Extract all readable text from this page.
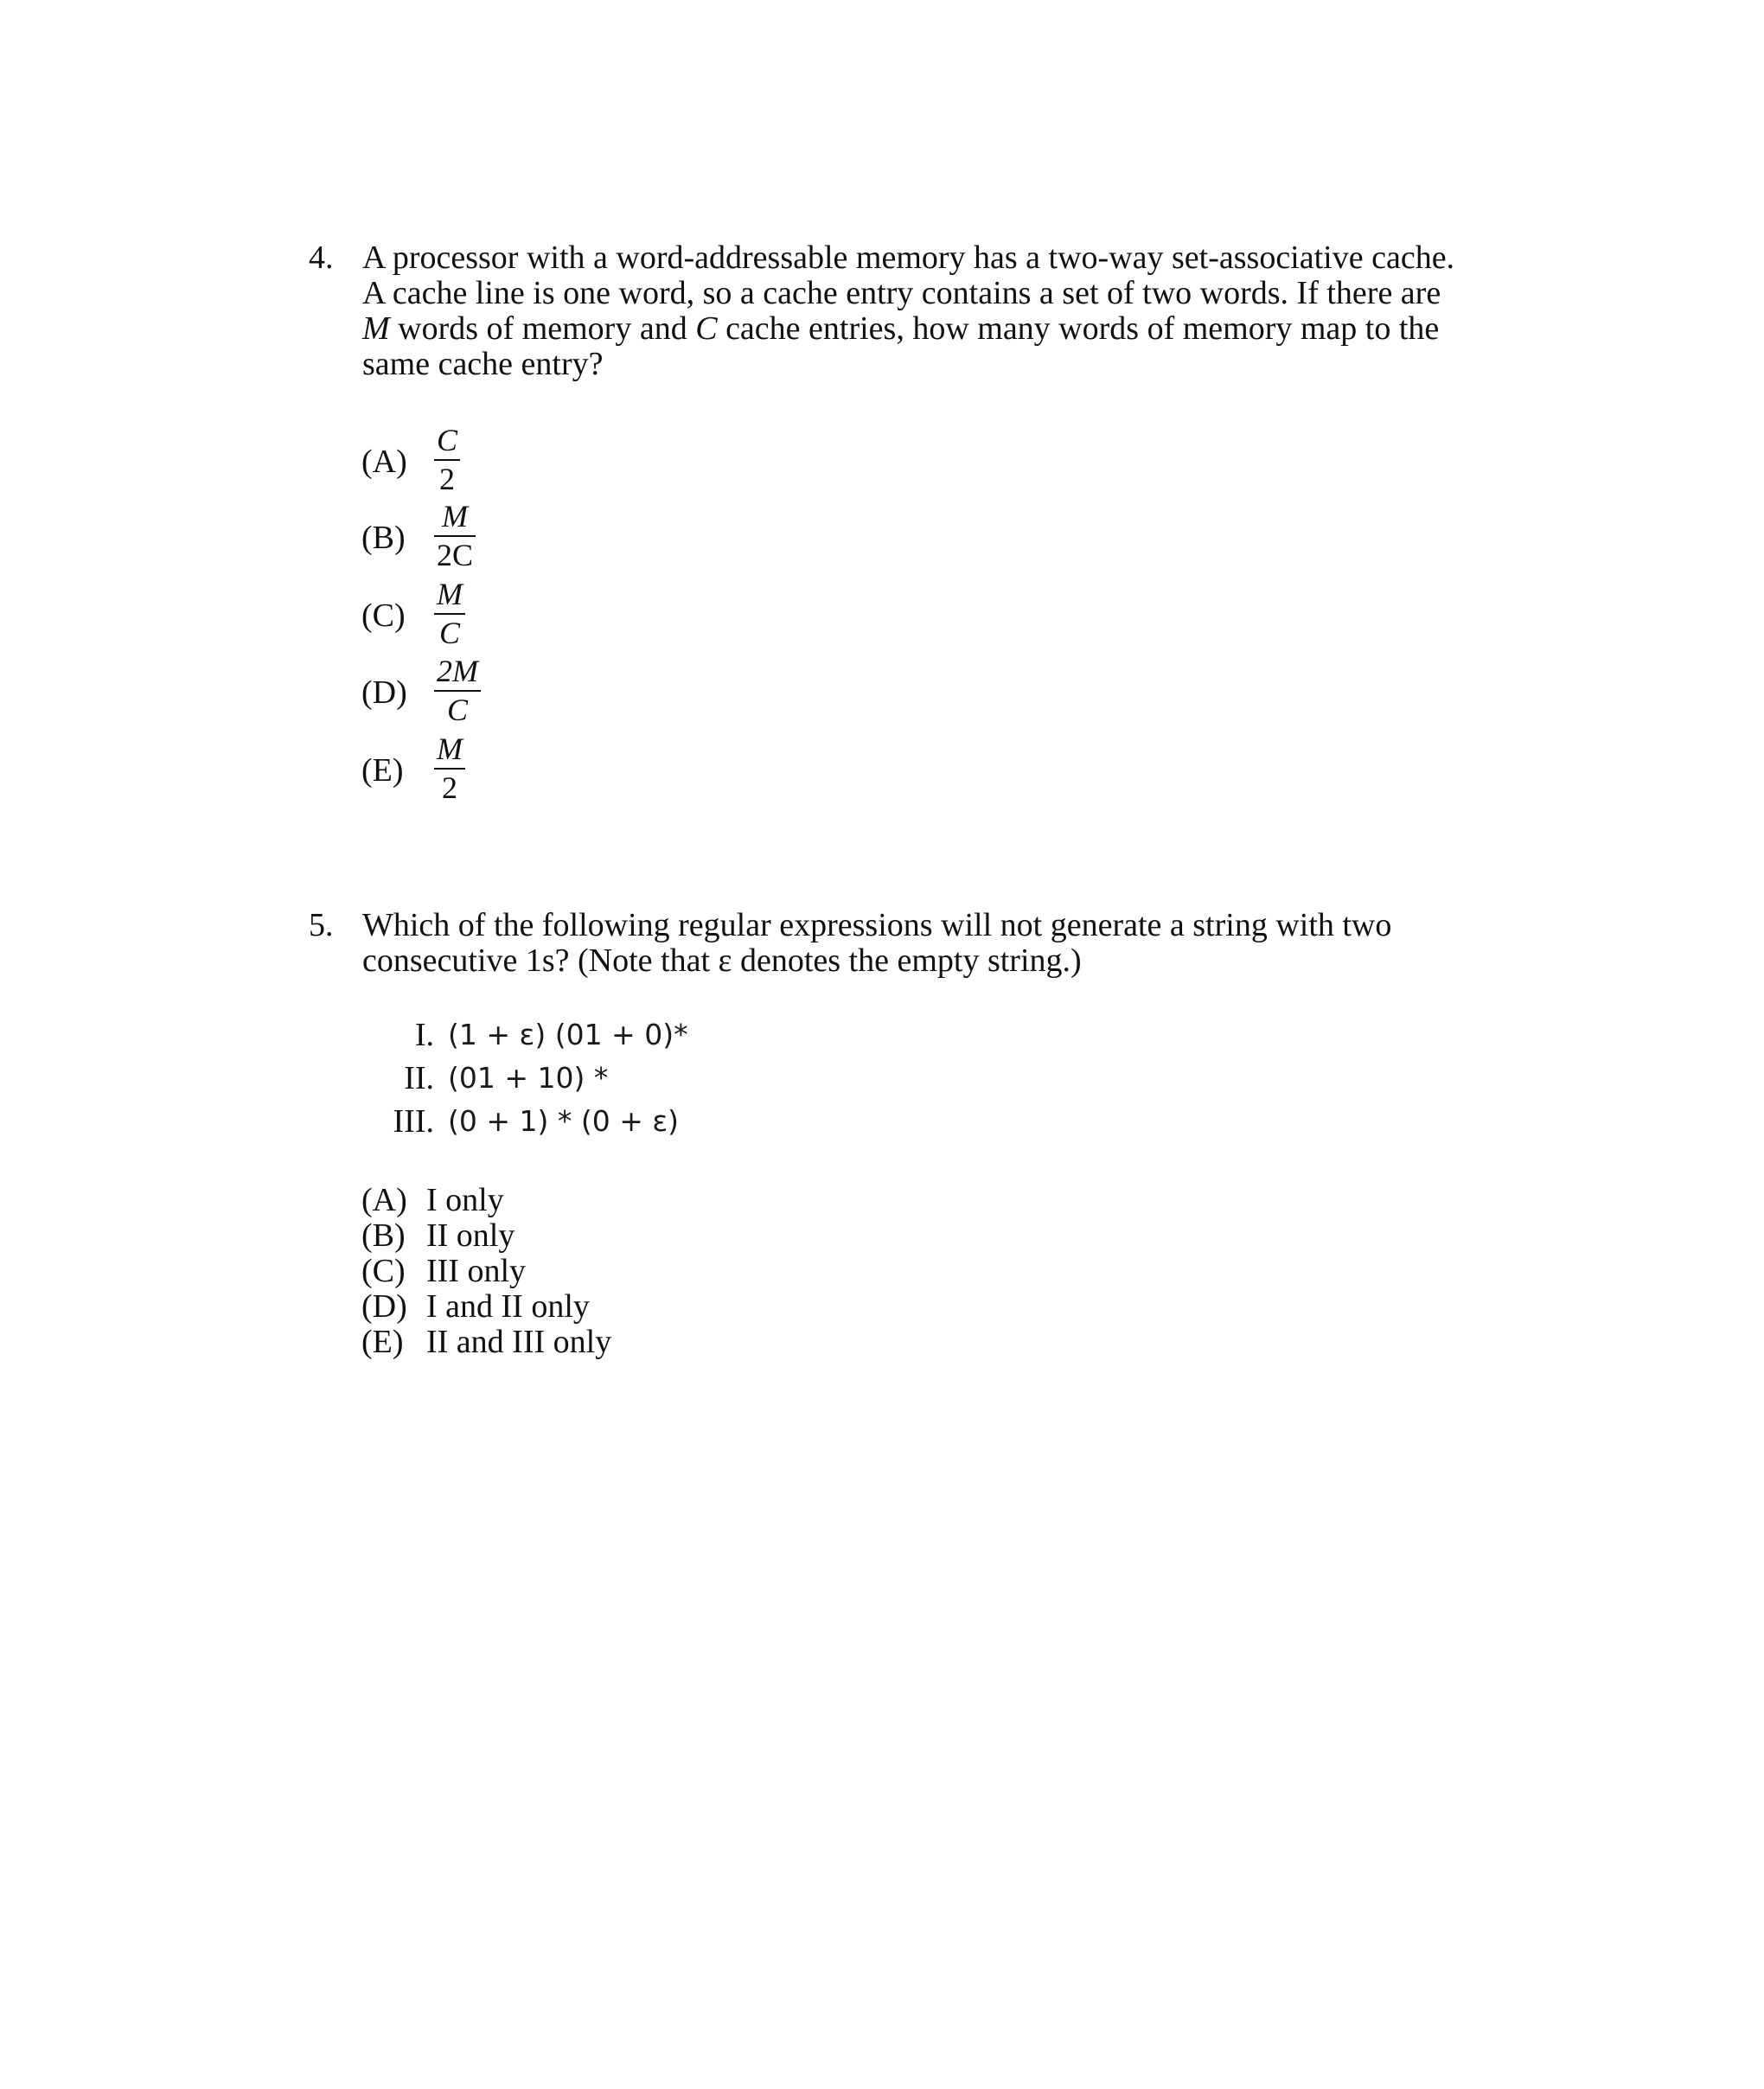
4. A processor with a word-addressable memory has a two-way set-associative cache.
A cache line is one word, so a cache entry contains a set of two words. If there are
M words of memory and C cache entries, how many words of memory map to the
same cache entry?
(A)
C
2
(B)
M
2C
(C)
M
C
(D)
2M
C
(E)
M
2
5. Which of the following regular expressions will not generate a string with two
consecutive 1s? (Note that ε denotes the empty string.)
I. (1 + ε) (01 + 0)*
II. (01 + 10) *
III. (0 + 1) * (0 + ε)
(A) I only
(B) II only
(C) III only
(D) I and II only
(E) II and III only
